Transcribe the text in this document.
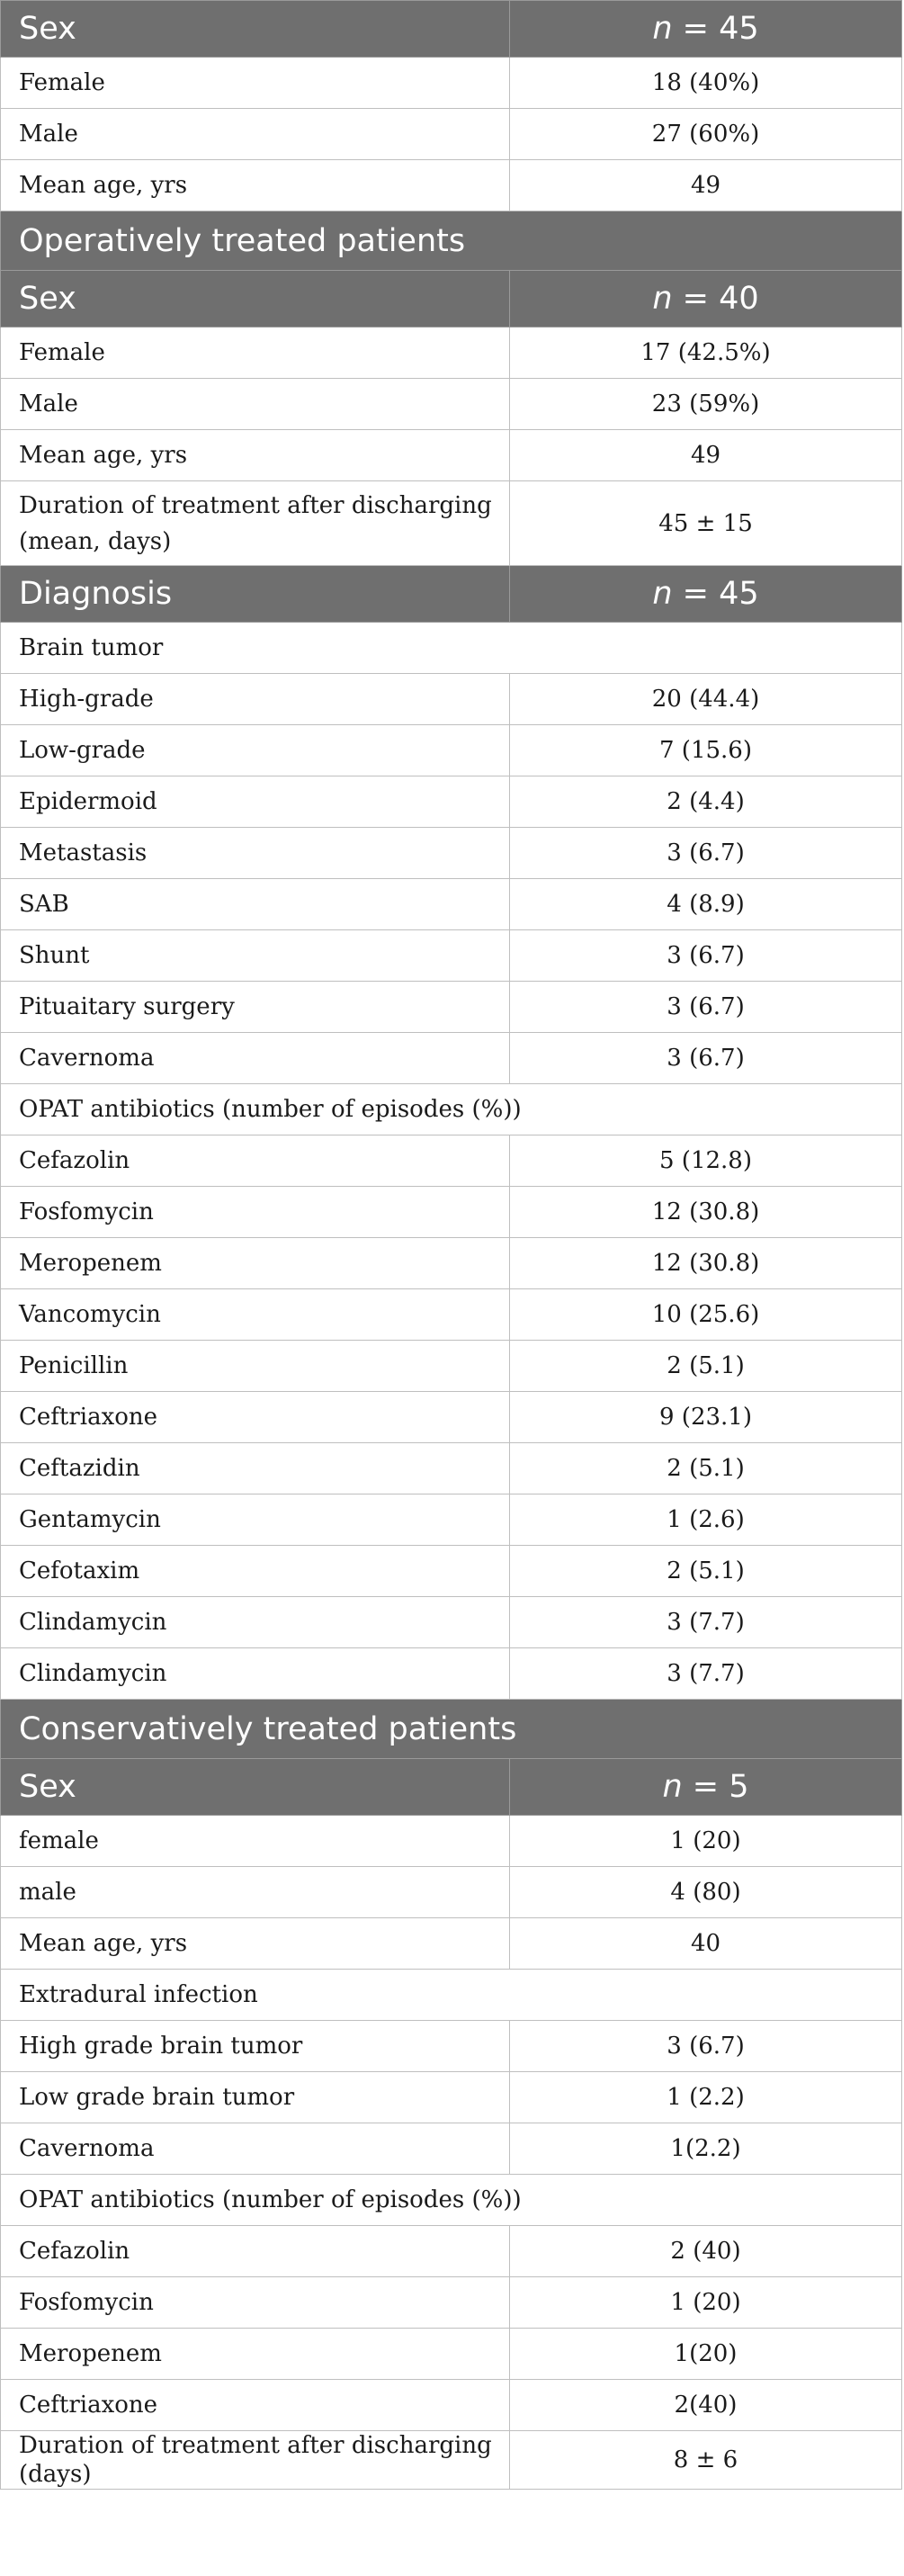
Sex	n = 45
Female	18 (40%)
Male	27 (60%)
Mean age, yrs	49
Operatively treated patients	
Sex	n = 40
Female	17 (42.5%)
Male	23 (59%)
Mean age, yrs	49
Duration of treatment after discharging (mean, days)	45 ± 15
Diagnosis	n = 45
Brain tumor	
High-grade	20 (44.4)
Low-grade	7 (15.6)
Epidermoid	2 (4.4)
Metastasis	3 (6.7)
SAB	4 (8.9)
Shunt	3 (6.7)
Pituaitary surgery	3 (6.7)
Cavernoma	3 (6.7)
OPAT antibiotics (number of episodes (%))	
Cefazolin	5 (12.8)
Fosfomycin	12 (30.8)
Meropenem	12 (30.8)
Vancomycin	10 (25.6)
Penicillin	2 (5.1)
Ceftriaxone	9 (23.1)
Ceftazidin	2 (5.1)
Gentamycin	1 (2.6)
Cefotaxim	2 (5.1)
Clindamycin	3 (7.7)
Clindamycin	3 (7.7)
Conservatively treated patients	
Sex	n = 5
female	1 (20)
male	4 (80)
Mean age, yrs	40
Extradural infection	
High grade brain tumor	3 (6.7)
Low grade brain tumor	1 (2.2)
Cavernoma	1(2.2)
OPAT antibiotics (number of episodes (%))	
Cefazolin	2 (40)
Fosfomycin	1 (20)
Meropenem	1(20)
Ceftriaxone	2(40)
Duration of treatment after discharging (days)	8 ± 6
